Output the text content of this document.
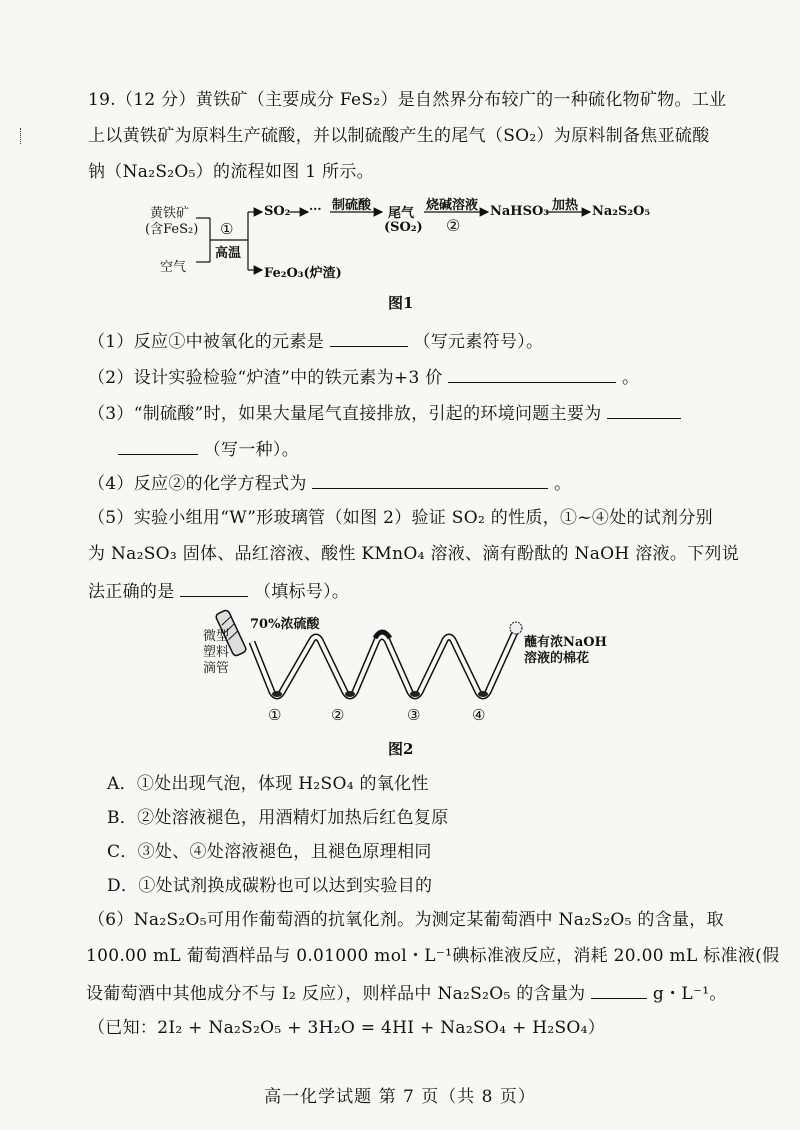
19.（12 分）黄铁矿（主要成分 FeS₂）是自然界分布较广的一种硫化物矿物。工业
上以黄铁矿为原料生产硫酸，并以制硫酸产生的尾气（SO₂）为原料制备焦亚硫酸
钠（Na₂S₂O₅）的流程如图 1 所示。
黄铁矿
(含FeS₂)
空气
①
高温
SO₂ ··· 制硫酸
尾气
(SO₂)
烧碱溶液
②
NaHSO₃ 加热 Na₂S₂O₅
Fe₂O₃(炉渣)
图1
（1）反应①中被氧化的元素是	（写元素符号）。
（2）设计实验检验“炉渣”中的铁元素为+3 价	。
（3）“制硫酸”时，如果大量尾气直接排放，引起的环境问题主要为
（写一种）。
（4）反应②的化学方程式为	。
（5）实验小组用“W”形玻璃管（如图 2）验证 SO₂ 的性质，①~④处的试剂分别
为 Na₂SO₃ 固体、品红溶液、酸性 KMnO₄ 溶液、滴有酚酞的 NaOH 溶液。下列说
法正确的是	（填标号）。
微型
塑料
滴管
70%浓硫酸
蘸有浓NaOH
溶液的棉花
①	②	③	④
图2
A．①处出现气泡，体现 H₂SO₄ 的氧化性
B．②处溶液褪色，用酒精灯加热后红色复原
C．③处、④处溶液褪色，且褪色原理相同
D．①处试剂换成碳粉也可以达到实验目的
（6）Na₂S₂O₅可用作葡萄酒的抗氧化剂。为测定某葡萄酒中 Na₂S₂O₅ 的含量，取
100.00 mL 葡萄酒样品与 0.01000 mol・L⁻¹碘标准液反应，消耗 20.00 mL 标准液(假
设葡萄酒中其他成分不与 I₂ 反应），则样品中 Na₂S₂O₅ 的含量为	g・L⁻¹。
（已知：2I₂ + Na₂S₂O₅ + 3H₂O = 4HI + Na₂SO₄ + H₂SO₄）
高一化学试题 第 7 页（共 8 页）
